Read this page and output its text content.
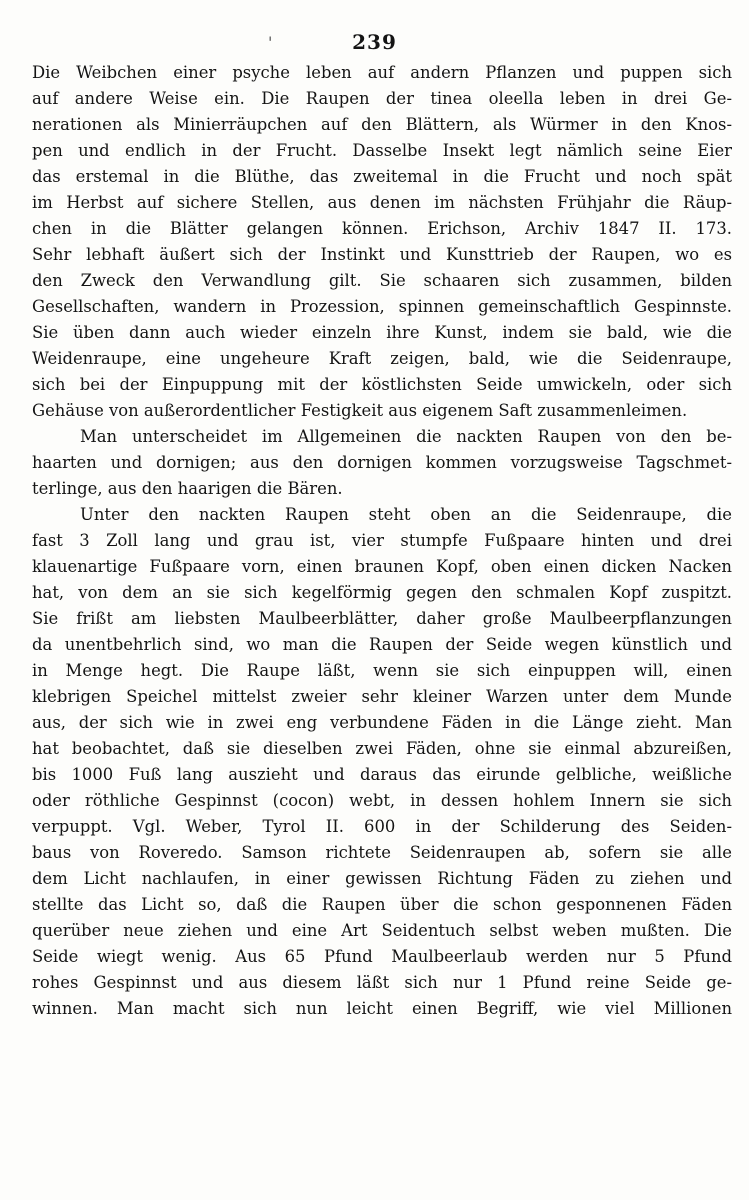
239
ꞌ
Die Weibchen einer psyche leben auf andern Pflanzen und puppen sich
auf andere Weise ein. Die Raupen der tinea oleella leben in drei Ge-
nerationen als Minierräupchen auf den Blättern, als Würmer in den Knos-
pen und endlich in der Frucht. Dasselbe Insekt legt nämlich seine Eier
das erstemal in die Blüthe, das zweitemal in die Frucht und noch spät
im Herbst auf sichere Stellen, aus denen im nächsten Frühjahr die Räup-
chen in die Blätter gelangen können. Erichson, Archiv 1847 II. 173.
Sehr lebhaft äußert sich der Instinkt und Kunsttrieb der Raupen, wo es
den Zweck den Verwandlung gilt. Sie schaaren sich zusammen, bilden
Gesellschaften, wandern in Prozession, spinnen gemeinschaftlich Gespinnste.
Sie üben dann auch wieder einzeln ihre Kunst, indem sie bald, wie die
Weidenraupe, eine ungeheure Kraft zeigen, bald, wie die Seidenraupe,
sich bei der Einpuppung mit der köstlichsten Seide umwickeln, oder sich
Gehäuse von außerordentlicher Festigkeit aus eigenem Saft zusammenleimen.
Man unterscheidet im Allgemeinen die nackten Raupen von den be-
haarten und dornigen; aus den dornigen kommen vorzugsweise Tagschmet-
terlinge, aus den haarigen die Bären.
Unter den nackten Raupen steht oben an die Seidenraupe, die
fast 3 Zoll lang und grau ist, vier stumpfe Fußpaare hinten und drei
klauenartige Fußpaare vorn, einen braunen Kopf, oben einen dicken Nacken
hat, von dem an sie sich kegelförmig gegen den schmalen Kopf zuspitzt.
Sie frißt am liebsten Maulbeerblätter, daher große Maulbeerpflanzungen
da unentbehrlich sind, wo man die Raupen der Seide wegen künstlich und
in Menge hegt. Die Raupe läßt, wenn sie sich einpuppen will, einen
klebrigen Speichel mittelst zweier sehr kleiner Warzen unter dem Munde
aus, der sich wie in zwei eng verbundene Fäden in die Länge zieht. Man
hat beobachtet, daß sie dieselben zwei Fäden, ohne sie einmal abzureißen,
bis 1000 Fuß lang auszieht und daraus das eirunde gelbliche, weißliche
oder röthliche Gespinnst (cocon) webt, in dessen hohlem Innern sie sich
verpuppt. Vgl. Weber, Tyrol II. 600 in der Schilderung des Seiden-
baus von Roveredo. Samson richtete Seidenraupen ab, sofern sie alle
dem Licht nachlaufen, in einer gewissen Richtung Fäden zu ziehen und
stellte das Licht so, daß die Raupen über die schon gesponnenen Fäden
querüber neue ziehen und eine Art Seidentuch selbst weben mußten. Die
Seide wiegt wenig. Aus 65 Pfund Maulbeerlaub werden nur 5 Pfund
rohes Gespinnst und aus diesem läßt sich nur 1 Pfund reine Seide ge-
winnen. Man macht sich nun leicht einen Begriff, wie viel Millionen
